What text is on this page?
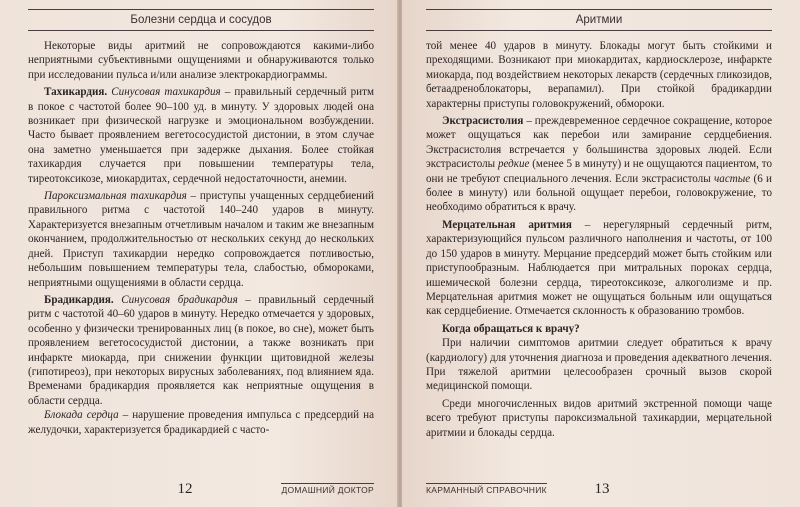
Болезни сердца и сосудов

Некоторые виды аритмий не сопровождаются какими-либо неприятными субъективными ощущениями и обнаруживаются только при исследовании пульса и/или анализе электрокардиограммы.

Тахикардия. Синусовая тахикардия – правильный сердечный ритм в покое с частотой более 90–100 уд. в минуту. У здоровых людей она возникает при физической нагрузке и эмоциональном возбуждении. Часто бывает проявлением вегетососудистой дистонии, в этом случае она заметно уменьшается при задержке дыхания. Более стойкая тахикардия случается при повышении температуры тела, тиреотоксикозе, миокардитах, сердечной недостаточности, анемии.

Пароксизмальная тахикардия – приступы учащенных сердцебиений правильного ритма с частотой 140–240 ударов в минуту. Характеризуется внезапным отчетливым началом и таким же внезапным окончанием, продолжительностью от нескольких секунд до нескольких дней. Приступ тахикардии нередко сопровождается потливостью, небольшим повышением температуры тела, слабостью, обмороками, неприятными ощущениями в области сердца.

Брадикардия. Синусовая брадикардия – правильный сердечный ритм с частотой 40–60 ударов в минуту. Нередко отмечается у здоровых, особенно у физически тренированных лиц (в покое, во сне), может быть проявлением вегетососудистой дистонии, а также возникать при инфаркте миокарда, при снижении функции щитовидной железы (гипотиреоз), при некоторых вирусных заболеваниях, под влиянием яда. Временами брадикардия проявляется как неприятные ощущения в области сердца.

Блокада сердца – нарушение проведения импульса с предсердий на желудочки, характеризуется брадикардией с часто-

12	ДОМАШНИЙ ДОКТОР
Аритмии

той менее 40 ударов в минуту. Блокады могут быть стойкими и преходящими. Возникают при миокардитах, кардиосклерозе, инфаркте миокарда, под воздействием некоторых лекарств (сердечных гликозидов, бетаадреноблокаторы, верапамил). При стойкой брадикардии характерны приступы головокружений, обмороки.

Экстрасистолия – преждевременное сердечное сокращение, которое может ощущаться как перебои или замирание сердцебиения. Экстрасистолия встречается у большинства здоровых людей. Если экстрасистолы редкие (менее 5 в минуту) и не ощущаются пациентом, то они не требуют специального лечения. Если экстрасистолы частые (6 и более в минуту) или больной ощущает перебои, головокружение, то необходимо обратиться к врачу.

Мерцательная аритмия – нерегулярный сердечный ритм, характеризующийся пульсом различного наполнения и частоты, от 100 до 150 ударов в минуту. Мерцание предсердий может быть стойким или приступообразным. Наблюдается при митральных пороках сердца, ишемической болезни сердца, тиреотоксикозе, алкоголизме и пр. Мерцательная аритмия может не ощущаться больным или ощущаться как сердцебиение. Отмечается склонность к образованию тромбов.

Когда обращаться к врачу?

При наличии симптомов аритмии следует обратиться к врачу (кардиологу) для уточнения диагноза и проведения адекватного лечения. При тяжелой аритмии целесообразен срочный вызов скорой медицинской помощи.

Среди многочисленных видов аритмий экстренной помощи чаще всего требуют приступы пароксизмальной тахикардии, мерцательной аритмии и блокады сердца.

КАРМАННЫЙ СПРАВОЧНИК	13
